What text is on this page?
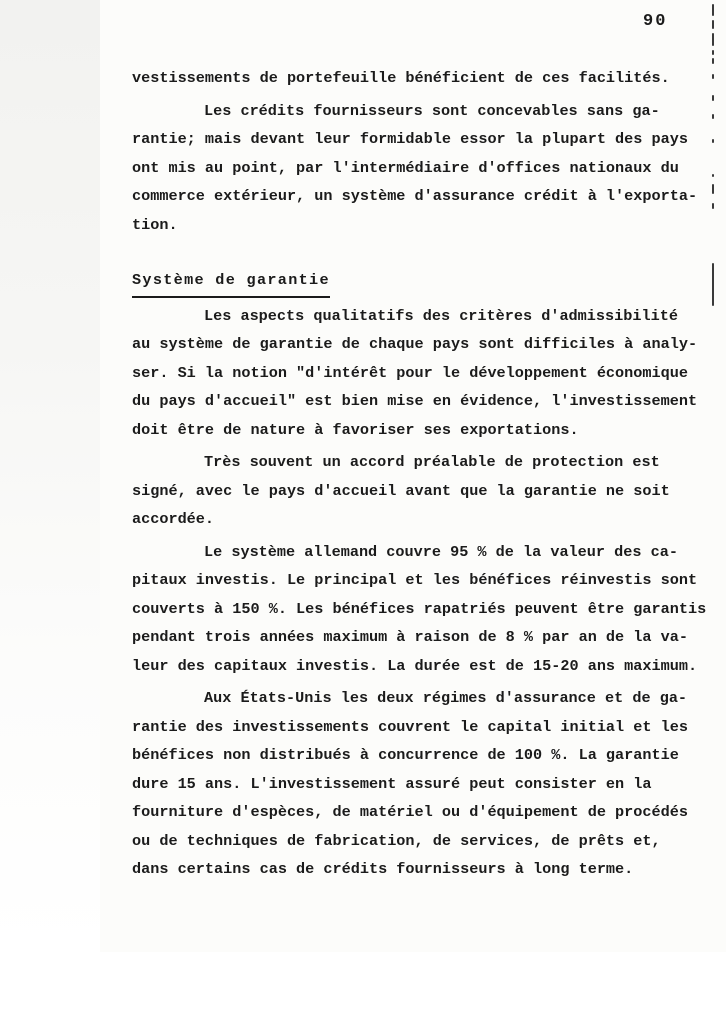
90
vestissements de portefeuille bénéficient de ces facilités.
Les crédits fournisseurs sont concevables sans ga-
rantie; mais devant leur formidable essor la plupart des pays
ont mis au point, par l'intermédiaire d'offices nationaux du
commerce extérieur, un système d'assurance crédit à l'exporta-
tion.
Système de garantie
Les aspects qualitatifs des critères d'admissibilité
au système de garantie de chaque pays sont difficiles à analy-
ser. Si la notion "d'intérêt pour le développement économique
du pays d'accueil" est bien mise en évidence, l'investissement
doit être de nature à favoriser ses exportations.
Très souvent un accord préalable de protection est
signé, avec le pays d'accueil avant que la garantie ne soit
accordée.
Le système allemand couvre 95 % de la valeur des ca-
pitaux investis. Le principal et les bénéfices réinvestis sont
couverts à 150 %. Les bénéfices rapatriés peuvent être garantis
pendant trois années maximum à raison de 8 % par an de la va-
leur des capitaux investis. La durée est de 15-20 ans maximum.
Aux États-Unis les deux régimes d'assurance et de ga-
rantie des investissements couvrent le capital initial et les
bénéfices non distribués à concurrence de 100 %. La garantie
dure 15 ans. L'investissement assuré peut consister en la
fourniture d'espèces, de matériel ou d'équipement de procédés
ou de techniques de fabrication, de services, de prêts et,
dans certains cas de crédits fournisseurs à long terme.
